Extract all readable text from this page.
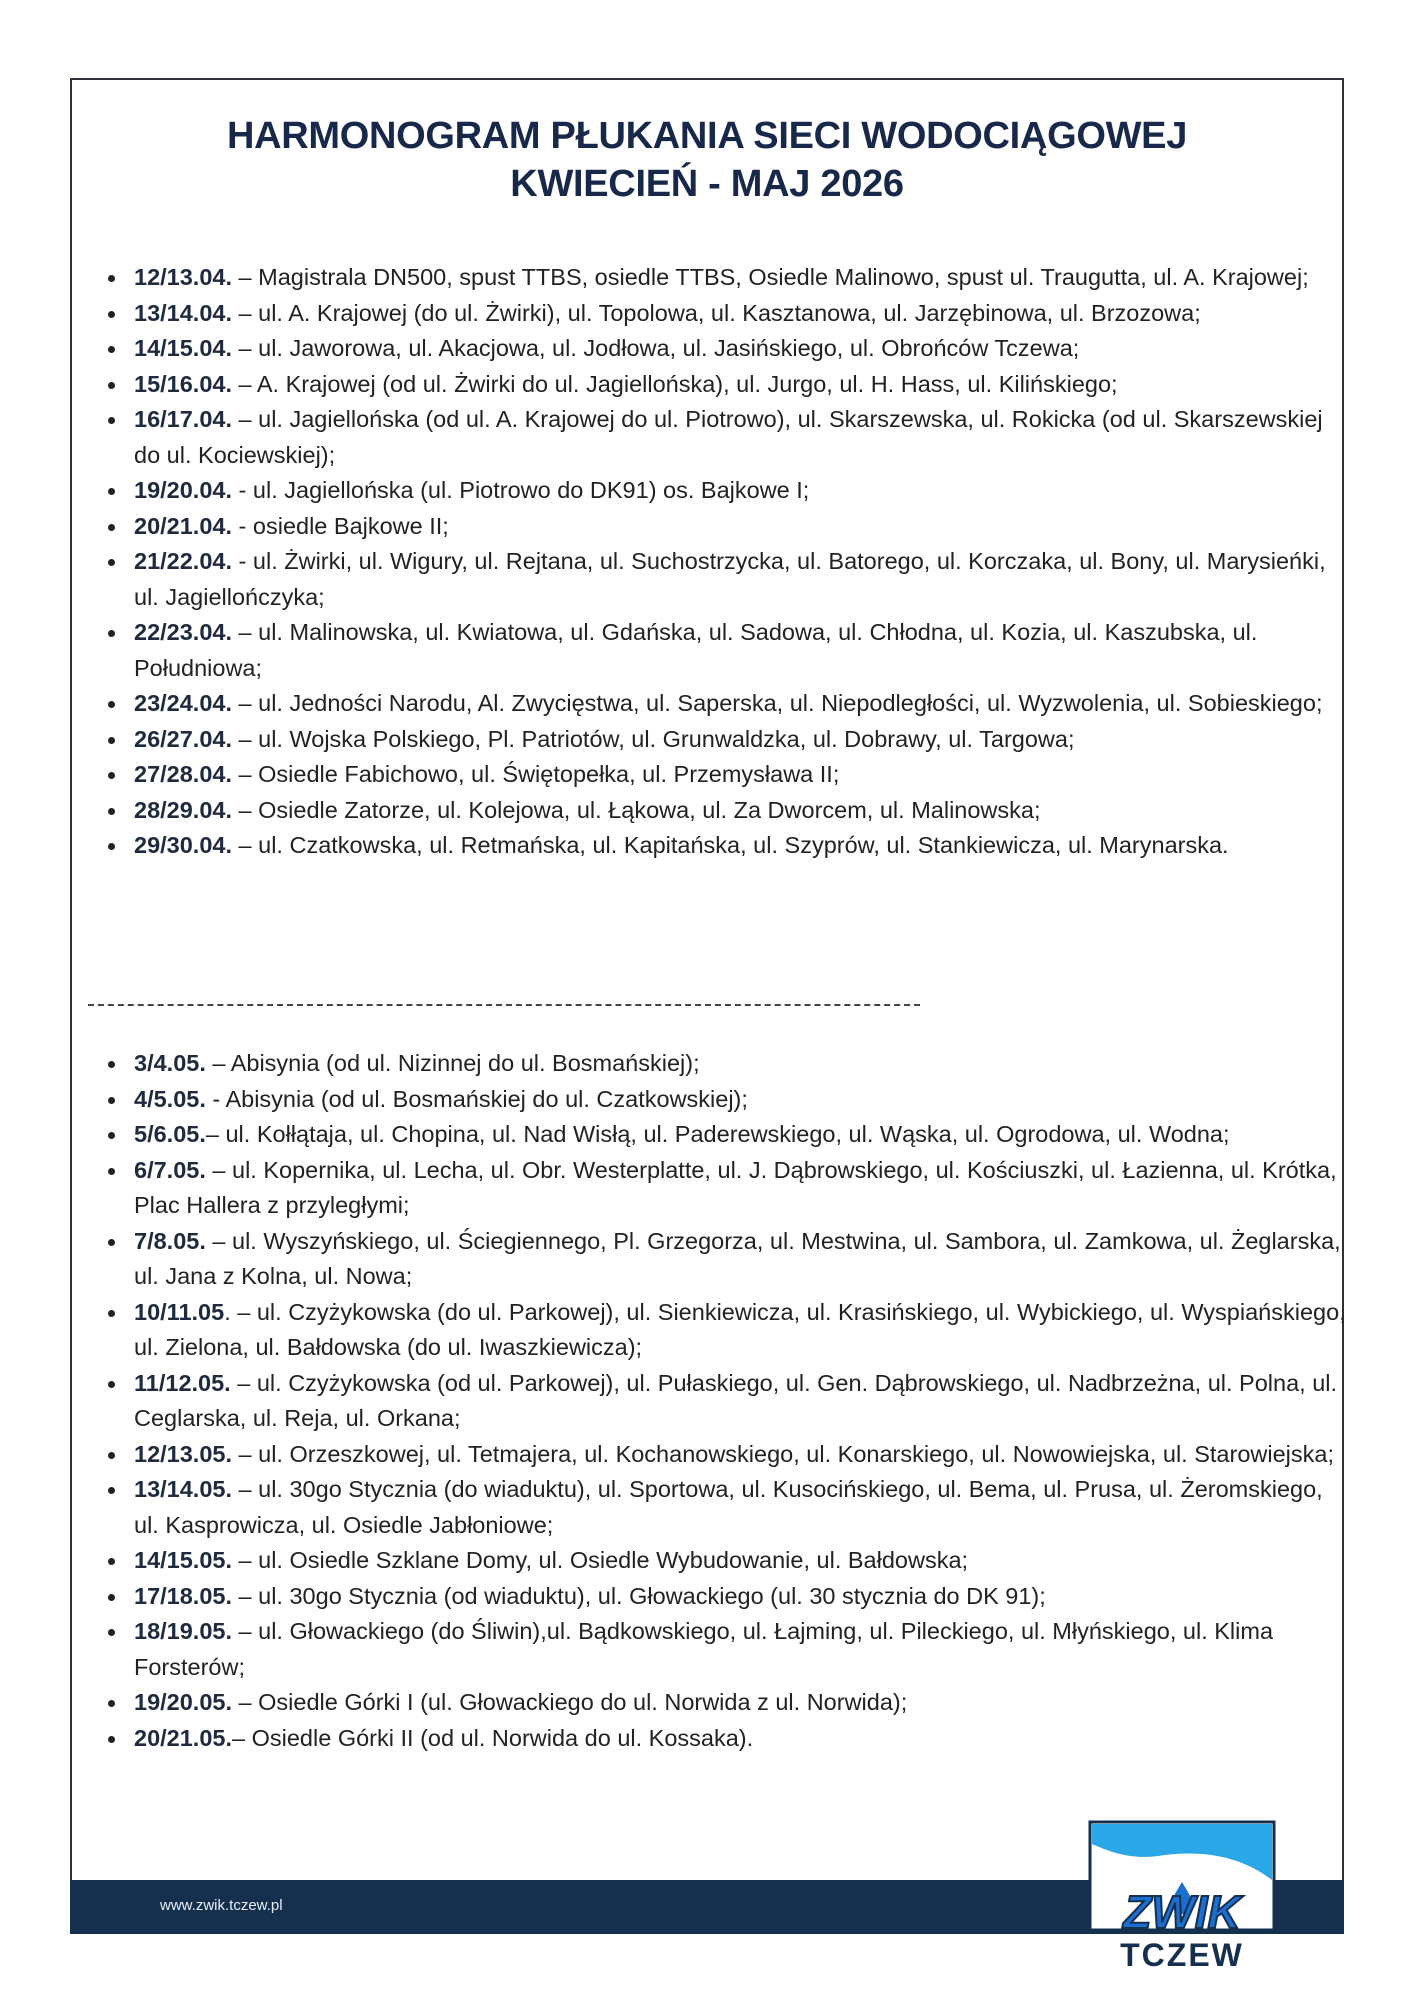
HARMONOGRAM PŁUKANIA SIECI WODOCIĄGOWEJ
KWIECIEŃ - MAJ 2026
12/13.04. – Magistrala DN500, spust TTBS, osiedle TTBS, Osiedle Malinowo, spust ul. Traugutta, ul. A. Krajowej;
13/14.04. – ul. A. Krajowej (do ul. Żwirki), ul. Topolowa, ul. Kasztanowa, ul. Jarzębinowa, ul. Brzozowa;
14/15.04. – ul. Jaworowa, ul. Akacjowa, ul. Jodłowa, ul. Jasińskiego, ul. Obrońców Tczewa;
15/16.04. – A. Krajowej (od ul. Żwirki do ul. Jagiellońska), ul. Jurgo, ul. H. Hass, ul. Kilińskiego;
16/17.04. – ul. Jagiellońska (od ul. A. Krajowej do ul. Piotrowo), ul. Skarszewska, ul. Rokicka (od ul. Skarszewskiej do ul. Kociewskiej);
19/20.04. - ul. Jagiellońska (ul. Piotrowo do DK91) os. Bajkowe I;
20/21.04. - osiedle Bajkowe II;
21/22.04. - ul. Żwirki, ul. Wigury, ul. Rejtana, ul. Suchostrzycka, ul. Batorego, ul. Korczaka, ul. Bony, ul. Marysieńki, ul. Jagiellończyka;
22/23.04. – ul. Malinowska, ul. Kwiatowa, ul. Gdańska, ul. Sadowa, ul. Chłodna, ul. Kozia, ul. Kaszubska, ul. Południowa;
23/24.04. – ul. Jedności Narodu, Al. Zwycięstwa, ul. Saperska, ul. Niepodległości, ul. Wyzwolenia, ul. Sobieskiego;
26/27.04. – ul. Wojska Polskiego, Pl. Patriotów, ul. Grunwaldzka, ul. Dobrawy, ul. Targowa;
27/28.04. – Osiedle Fabichowo, ul. Świętopełka, ul. Przemysława II;
28/29.04. – Osiedle Zatorze, ul. Kolejowa, ul. Łąkowa, ul. Za Dworcem, ul. Malinowska;
29/30.04. – ul. Czatkowska, ul. Retmańska, ul. Kapitańska, ul. Szyprów, ul. Stankiewicza, ul. Marynarska.
3/4.05. – Abisynia (od ul. Nizinnej do ul. Bosmańskiej);
4/5.05. - Abisynia (od ul. Bosmańskiej do ul. Czatkowskiej);
5/6.05.– ul. Kołłątaja, ul. Chopina, ul. Nad Wisłą, ul. Paderewskiego, ul. Wąska, ul. Ogrodowa, ul. Wodna;
6/7.05. – ul. Kopernika, ul. Lecha, ul. Obr. Westerplatte, ul. J. Dąbrowskiego, ul. Kościuszki, ul. Łazienna, ul. Krótka, Plac Hallera z przyległymi;
7/8.05. – ul. Wyszyńskiego, ul. Ściegiennego, Pl. Grzegorza, ul. Mestwina, ul. Sambora, ul. Zamkowa, ul. Żeglarska, ul. Jana z Kolna, ul. Nowa;
10/11.05. – ul. Czyżykowska (do ul. Parkowej), ul. Sienkiewicza, ul. Krasińskiego, ul. Wybickiego, ul. Wyspiańskiego, ul. Zielona, ul. Bałdowska (do ul. Iwaszkiewicza);
11/12.05. – ul. Czyżykowska (od ul. Parkowej), ul. Pułaskiego, ul. Gen. Dąbrowskiego, ul. Nadbrzeżna, ul. Polna, ul. Ceglarska, ul. Reja, ul. Orkana;
12/13.05. – ul. Orzeszkowej, ul. Tetmajera, ul. Kochanowskiego, ul. Konarskiego, ul. Nowowiejska, ul. Starowiejska;
13/14.05. – ul. 30go Stycznia (do wiaduktu), ul. Sportowa, ul. Kusocińskiego, ul. Bema, ul. Prusa, ul. Żeromskiego, ul. Kasprowicza, ul. Osiedle Jabłoniowe;
14/15.05. – ul. Osiedle Szklane Domy, ul. Osiedle Wybudowanie, ul. Bałdowska;
17/18.05. – ul. 30go Stycznia (od wiaduktu), ul. Głowackiego (ul. 30 stycznia do DK 91);
18/19.05. – ul. Głowackiego (do Śliwin),ul. Bądkowskiego, ul. Łajming, ul. Pileckiego, ul. Młyńskiego, ul. Klima Forsterów;
19/20.05. – Osiedle Górki I (ul. Głowackiego do ul. Norwida z ul. Norwida);
20/21.05.– Osiedle Górki II (od ul. Norwida do ul. Kossaka).
www.zwik.tczew.pl	ZWIK
TCZEW
